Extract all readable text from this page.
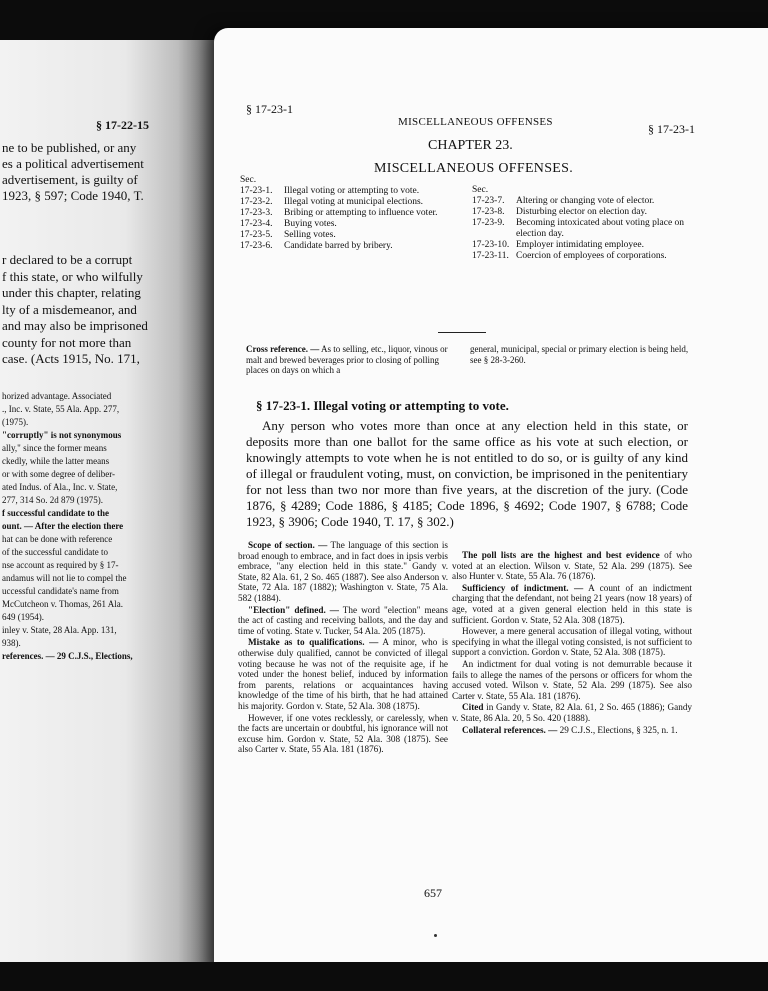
§ 17-22-15
ne to be published, or any
es a political advertisement
advertisement, is guilty of
1923, § 597; Code 1940, T.
r declared to be a corrupt
f this state, or who wilfully
under this chapter, relating
lty of a misdemeanor, and
and may also be imprisoned
county for not more than
case. (Acts 1915, No. 171,
horized advantage. Associated
., Inc. v. State, 55 Ala. App. 277,
(1975).
"corruptly" is not synonymous
ally," since the former means
ckedly, while the latter means
or with some degree of deliber-
ated Indus. of Ala., Inc. v. State,
277, 314 So. 2d 879 (1975).
f successful candidate to the
ount. — After the election there
hat can be done with reference
of the successful candidate to
nse account as required by § 17-
andamus will not lie to compel the
uccessful candidate's name from
McCutcheon v. Thomas, 261 Ala.
649 (1954).
inley v. State, 28 Ala. App. 131,
938).
references. — 29 C.J.S., Elections,
§ 17-23-1
MISCELLANEOUS OFFENSES	§ 17-23-1
CHAPTER 23.
MISCELLANEOUS OFFENSES.
Sec.
17-23-1.	Illegal voting or attempting to vote.
17-23-2.	Illegal voting at municipal elections.
17-23-3.	Bribing or attempting to influence voter.
17-23-4.	Buying votes.
17-23-5.	Selling votes.
17-23-6.	Candidate barred by bribery.
Sec.
17-23-7.	Altering or changing vote of elector.
17-23-8.	Disturbing elector on election day.
17-23-9.	Becoming intoxicated about voting place on election day.
17-23-10. Employer intimidating employee.
17-23-11. Coercion of employees of corporations.
Cross reference. — As to selling, etc., liquor, vinous or malt and brewed beverages prior to closing of polling places on days on which a
general, municipal, special or primary election is being held, see § 28-3-260.
§ 17-23-1. Illegal voting or attempting to vote.
Any person who votes more than once at any election held in this state, or deposits more than one ballot for the same office as his vote at such election, or knowingly attempts to vote when he is not entitled to do so, or is guilty of any kind of illegal or fraudulent voting, must, on conviction, be imprisoned in the penitentiary for not less than two nor more than five years, at the discretion of the jury. (Code 1876, § 4289; Code 1886, § 4185; Code 1896, § 4692; Code 1907, § 6788; Code 1923, § 3906; Code 1940, T. 17, § 302.)

Scope of section. — The language of this section is broad enough to embrace, and in fact does in ipsis verbis embrace, "any election held in this state." Gandy v. State, 82 Ala. 61, 2 So. 465 (1887). See also Anderson v. State, 72 Ala. 187 (1882); Washington v. State, 75 Ala. 582 (1884).

"Election" defined. — The word "election" means the act of casting and receiving ballots, and the day and time of voting. State v. Tucker, 54 Ala. 205 (1875).

Mistake as to qualifications. — A minor, who is otherwise duly qualified, cannot be convicted of illegal voting because he was not of the requisite age, if he voted under the honest belief, induced by information from parents, relations or acquaintances having knowledge of the time of his birth, that he had attained his majority. Gordon v. State, 52 Ala. 308 (1875).

However, if one votes recklessly, or carelessly, when the facts are uncertain or doubtful, his ignorance will not excuse him. Gordon v. State, 52 Ala. 308 (1875). See also Carter v. State, 55 Ala. 181 (1876).

The poll lists are the highest and best evidence of who voted at an election. Wilson v. State, 52 Ala. 299 (1875). See also Hunter v. State, 55 Ala. 76 (1876).

Sufficiency of indictment. — A count of an indictment charging that the defendant, not being 21 years (now 18 years) of age, voted at a given general election held in this state is sufficient. Gordon v. State, 52 Ala. 308 (1875).

However, a mere general accusation of illegal voting, without specifying in what the illegal voting consisted, is not sufficient to support a conviction. Gordon v. State, 52 Ala. 308 (1875).

An indictment for dual voting is not demurrable because it fails to allege the names of the persons or officers for whom the accused voted. Wilson v. State, 52 Ala. 299 (1875). See also Carter v. State, 55 Ala. 181 (1876).

Cited in Gandy v. State, 82 Ala. 61, 2 So. 465 (1886); Gandy v. State, 86 Ala. 20, 5 So. 420 (1888).

Collateral references. — 29 C.J.S., Elections, § 325, n. 1.

657
